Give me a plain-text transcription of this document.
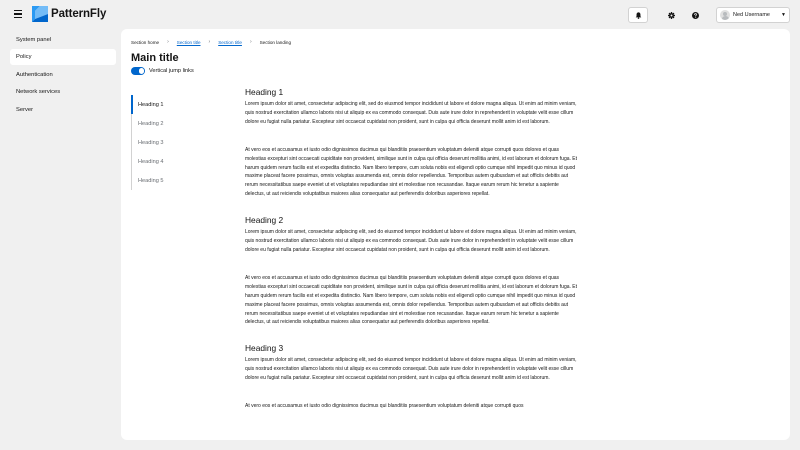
PatternFly	Ned Username	▼
System panel
Policy
Authentication
Network services
Server
Section home › Section title › Section title › Section landing
Main title
Vertical jump links
Heading 1
Heading 2
Heading 3
Heading 4
Heading 5
Heading 1

Lorem ipsum dolor sit amet, consectetur adipiscing elit, sed do eiusmod tempor incididunt ut labore et dolore magna aliqua. Ut enim ad minim veniam, quis nostrud exercitation ullamco laboris nisi ut aliquip ex ea commodo consequat. Duis aute irure dolor in reprehenderit in voluptate velit esse cillum dolore eu fugiat nulla pariatur. Excepteur sint occaecat cupidatat non proident, sunt in culpa qui officia deserunt mollit anim id est laborum.

At vero eos et accusamus et iusto odio dignissimos ducimus qui blanditiis praesentium voluptatum deleniti atque corrupti quos dolores et quas molestias excepturi sint occaecati cupiditate non provident, similique sunt in culpa qui officia deserunt mollitia animi, id est laborum et dolorum fuga. Et harum quidem rerum facilis est et expedita distinctio. Nam libero tempore, cum soluta nobis est eligendi optio cumque nihil impedit quo minus id quod maxime placeat facere possimus, omnis voluptas assumenda est, omnis dolor repellendus. Temporibus autem quibusdam et aut officiis debitis aut rerum necessitatibus saepe eveniet ut et voluptates repudiandae sint et molestiae non recusandae. Itaque earum rerum hic tenetur a sapiente delectus, ut aut reiciendis voluptatibus maiores alias consequatur aut perferendis doloribus asperiores repellat.

Heading 2

Lorem ipsum dolor sit amet, consectetur adipiscing elit, sed do eiusmod tempor incididunt ut labore et dolore magna aliqua. Ut enim ad minim veniam, quis nostrud exercitation ullamco laboris nisi ut aliquip ex ea commodo consequat. Duis aute irure dolor in reprehenderit in voluptate velit esse cillum dolore eu fugiat nulla pariatur. Excepteur sint occaecat cupidatat non proident, sunt in culpa qui officia deserunt mollit anim id est laborum.

At vero eos et accusamus et iusto odio dignissimos ducimus qui blanditiis praesentium voluptatum deleniti atque corrupti quos dolores et quas molestias excepturi sint occaecati cupiditate non provident, similique sunt in culpa qui officia deserunt mollitia animi, id est laborum et dolorum fuga. Et harum quidem rerum facilis est et expedita distinctio. Nam libero tempore, cum soluta nobis est eligendi optio cumque nihil impedit quo minus id quod maxime placeat facere possimus, omnis voluptas assumenda est, omnis dolor repellendus. Temporibus autem quibusdam et aut officiis debitis aut rerum necessitatibus saepe eveniet ut et voluptates repudiandae sint et molestiae non recusandae. Itaque earum rerum hic tenetur a sapiente delectus, ut aut reiciendis voluptatibus maiores alias consequatur aut perferendis doloribus asperiores repellat.

Heading 3

Lorem ipsum dolor sit amet, consectetur adipiscing elit, sed do eiusmod tempor incididunt ut labore et dolore magna aliqua. Ut enim ad minim veniam, quis nostrud exercitation ullamco laboris nisi ut aliquip ex ea commodo consequat. Duis aute irure dolor in reprehenderit in voluptate velit esse cillum dolore eu fugiat nulla pariatur. Excepteur sint occaecat cupidatat non proident, sunt in culpa qui officia deserunt mollit anim id est laborum.

At vero eos et accusamus et iusto odio dignissimos ducimus qui blanditiis praesentium voluptatum deleniti atque corrupti quos
